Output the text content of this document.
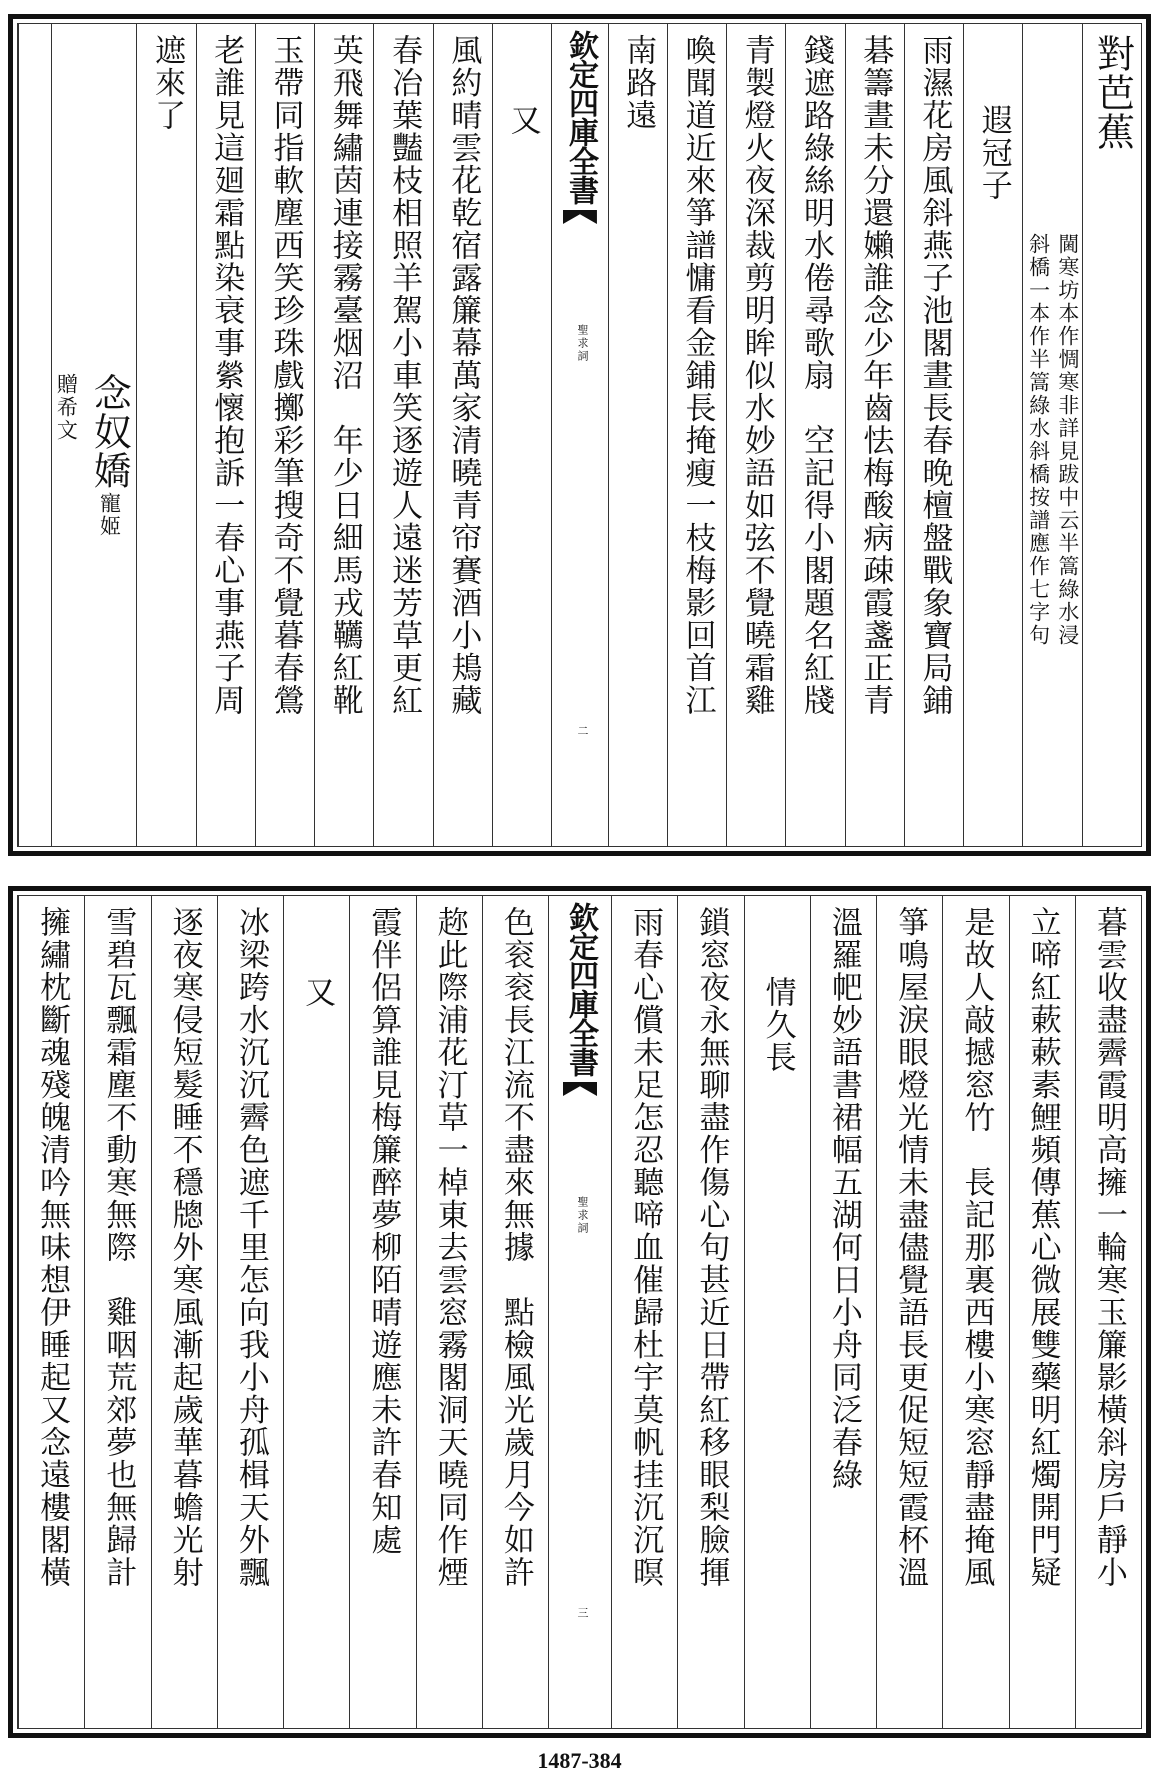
對芭蕉
閫寒坊本作惆寒非詳見跋中云半篙綠水浸
斜橋一本作半篙綠水斜橋按譜應作七字句
遐冠子
雨濕花房風斜燕子池閣晝長春晚檀盤戰象寶局鋪
碁籌晝未分還嬾誰念少年齒怯梅酸病疎霞盞正青
錢遮路綠絲明水倦尋歌扇　空記得小閣題名紅牋
青製燈火夜深裁剪明眸似水妙語如弦不覺曉霜雞
喚聞道近來箏譜慵看金鋪長掩瘦一枝梅影回首江
南路遠
欽定四庫全書
聖求詞
二
又
風約晴雲花乾宿露簾幕萬家清曉青帘賽酒小鳺藏
春冶葉豔枝相照羊駕小車笑逐遊人遠迷芳草更紅
英飛舞繡茵連接霧臺烟沼　年少日細馬戎韉紅靴
玉帶同指軟塵西笑珍珠戲擲彩筆搜奇不覺暮春鶯
老誰見這廻霜點染衰事縈懷抱訴一春心事燕子周
遮來了
念奴嬌
寵姬
贈希文
暮雲收盡霽霞明高擁一輪寒玉簾影橫斜房戶靜小
立啼紅蔌蔌素鯉頻傳蕉心微展雙藥明紅燭開門疑
是故人敲撼窓竹　長記那裏西樓小寒窓靜盡掩風
箏鳴屋淚眼燈光情未盡儘覺語長更促短短霞杯溫
溫羅帊妙語書裙幅五湖何日小舟同泛春綠
情久長
鎖窓夜永無聊盡作傷心句甚近日帶紅移眼梨臉揮
雨春心償未足怎忍聽啼血催歸杜宇莫帆挂沉沉暝
欽定四庫全書
聖求詞
三
色衮衮長江流不盡來無據　點檢風光歲月今如許
趂此際浦花汀草一棹東去雲窓霧閣洞天曉同作煙
霞伴侶算誰見梅簾醉夢柳陌晴遊應未許春知處
又
冰梁跨水沉沉霽色遮千里怎向我小舟孤楫天外飄
逐夜寒侵短髮睡不穩牕外寒風漸起歲華暮蟾光射
雪碧瓦飄霜塵不動寒無際　雞咽荒郊夢也無歸計
擁繡枕斷魂殘魄清吟無味想伊睡起又念遠樓閣橫
1487-384
